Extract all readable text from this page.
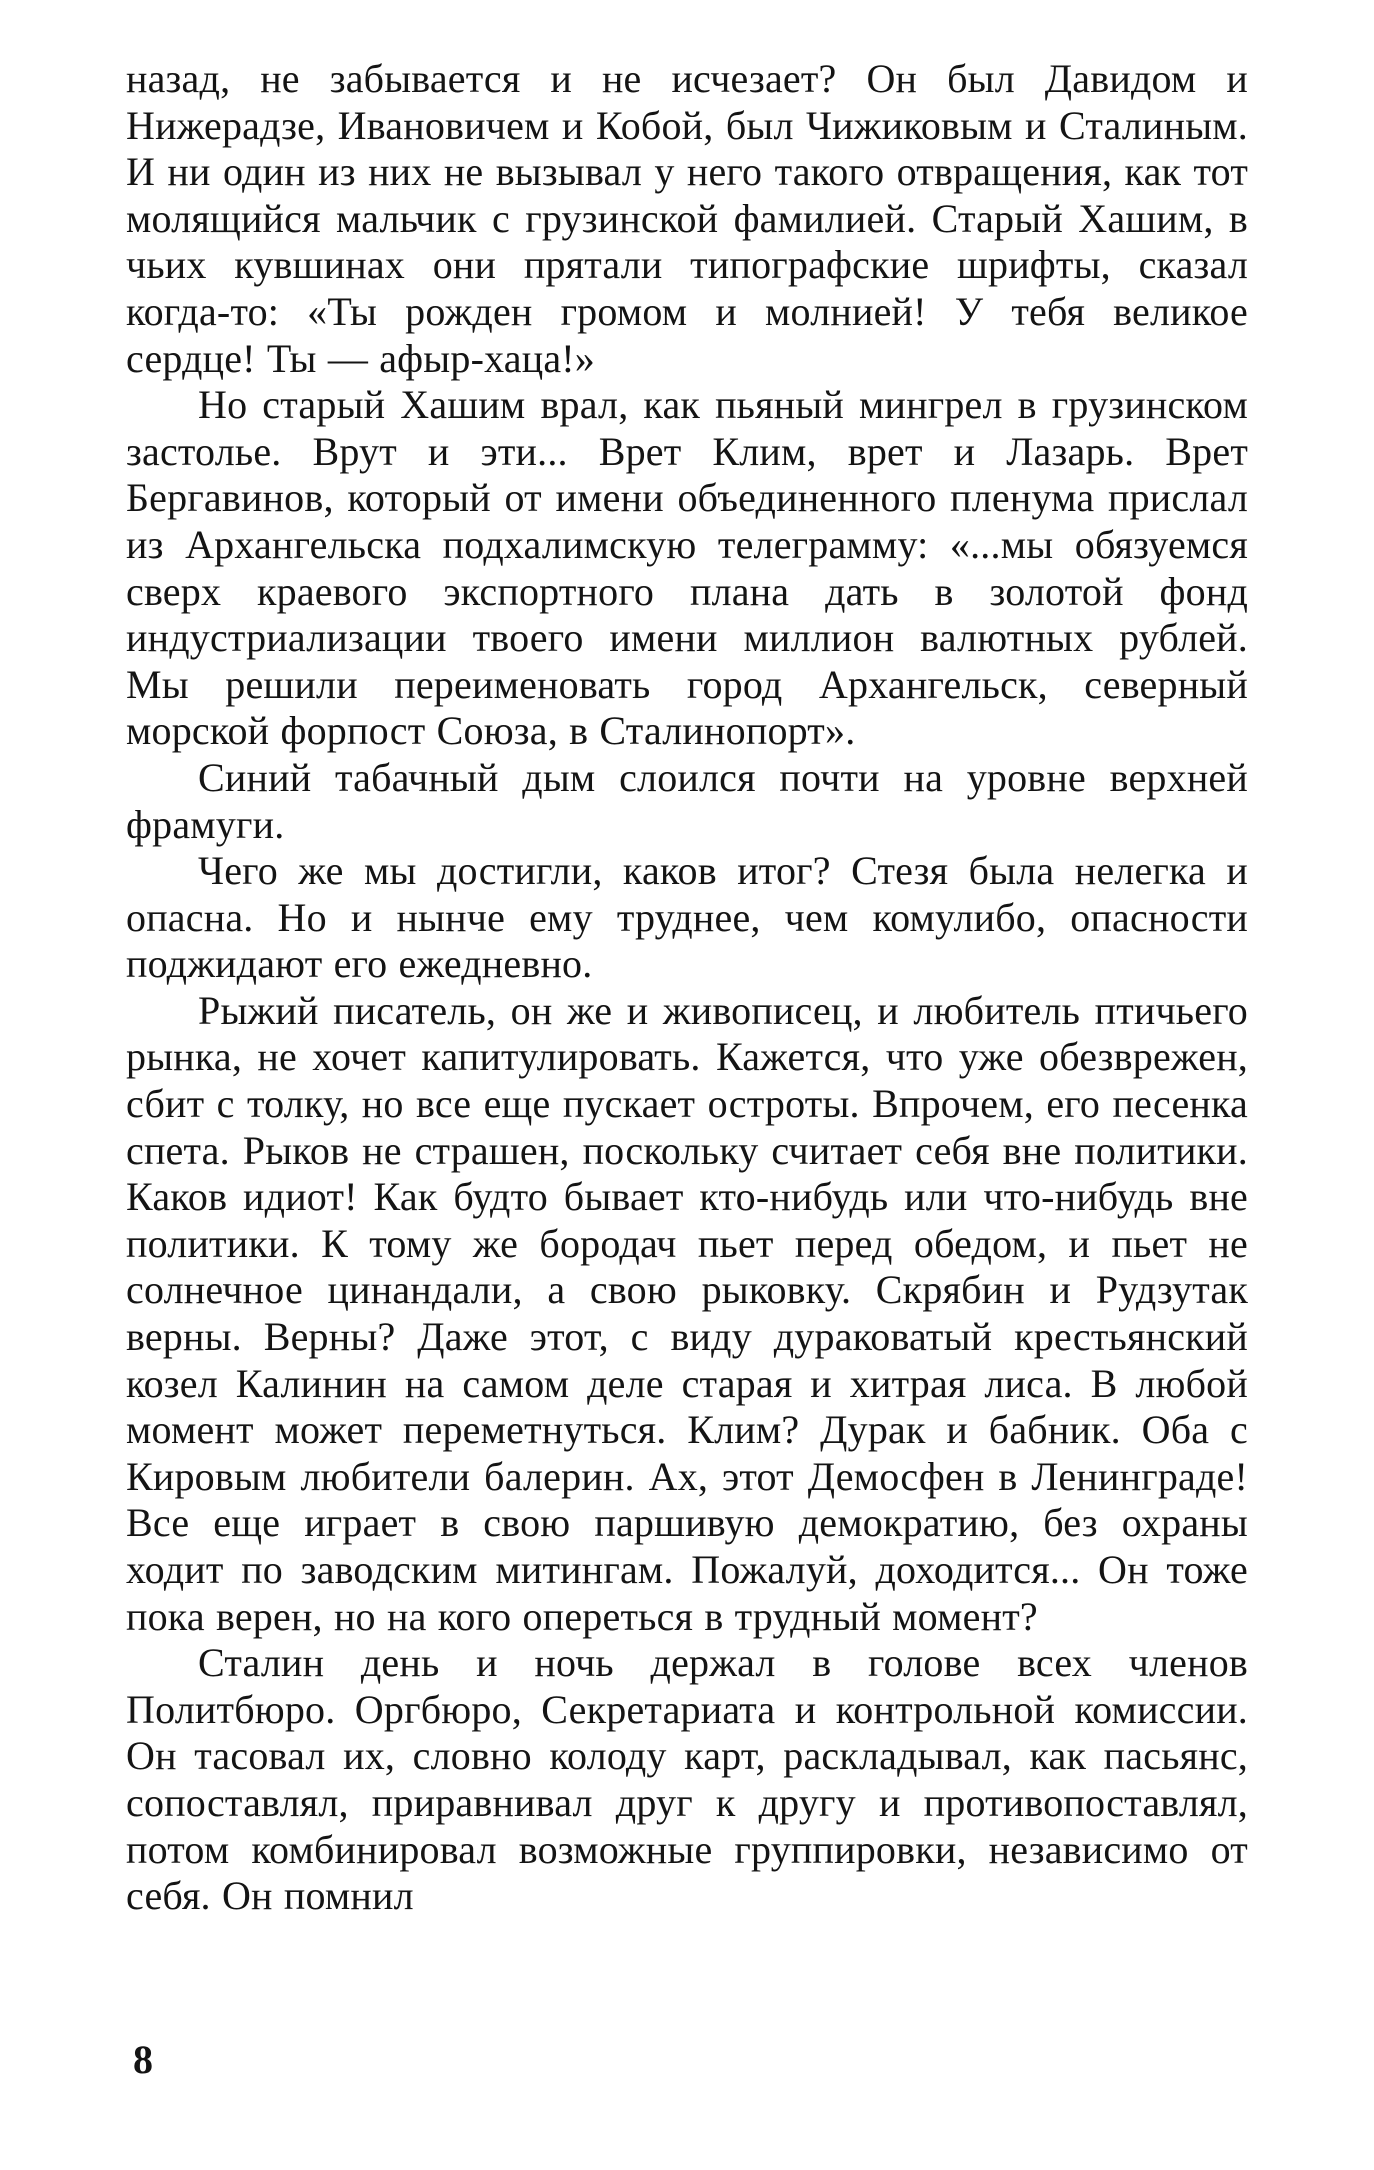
назад, не забывается и не исчезает? Он был Давидом и Нижерадзе, Ивановичем и Кобой, был Чижиковым и Сталиным. И ни один из них не вызывал у него такого отвращения, как тот молящийся мальчик с грузинской фамилией. Старый Хашим, в чьих кувшинах они прятали типографские шрифты, сказал когда-то: «Ты рожден громом и молнией! У тебя великое сердце! Ты — афыр-хаца!»

Но старый Хашим врал, как пьяный мингрел в грузинском застолье. Врут и эти... Врет Клим, врет и Лазарь. Врет Бергавинов, который от имени объединенного пленума прислал из Архангельска подхалимскую телеграмму: «...мы обязуемся сверх краевого экспортного плана дать в золотой фонд индустриализации твоего имени миллион валютных рублей. Мы решили переименовать город Архангельск, северный морской форпост Союза, в Сталинопорт».

Синий табачный дым слоился почти на уровне верхней фрамуги.

Чего же мы достигли, каков итог? Стезя была нелегка и опасна. Но и нынче ему труднее, чем комулибо, опасности поджидают его ежедневно.

Рыжий писатель, он же и живописец, и любитель птичьего рынка, не хочет капитулировать. Кажется, что уже обезврежен, сбит с толку, но все еще пускает остроты. Впрочем, его песенка спета. Рыков не страшен, поскольку считает себя вне политики. Каков идиот! Как будто бывает кто-нибудь или что-нибудь вне политики. К тому же бородач пьет перед обедом, и пьет не солнечное цинандали, а свою рыковку. Скрябин и Рудзутак верны. Верны? Даже этот, с виду дураковатый крестьянский козел Калинин на самом деле старая и хитрая лиса. В любой момент может переметнуться. Клим? Дурак и бабник. Оба с Кировым любители балерин. Ах, этот Демосфен в Ленинграде! Все еще играет в свою паршивую демократию, без охраны ходит по заводским митингам. Пожалуй, доходится... Он тоже пока верен, но на кого опереться в трудный момент?

Сталин день и ночь держал в голове всех членов Политбюро. Оргбюро, Секретариата и контрольной комиссии. Он тасовал их, словно колоду карт, раскладывал, как пасьянс, сопоставлял, приравнивал друг к другу и противопоставлял, потом комбинировал возможные группировки, независимо от себя. Он помнил

8
